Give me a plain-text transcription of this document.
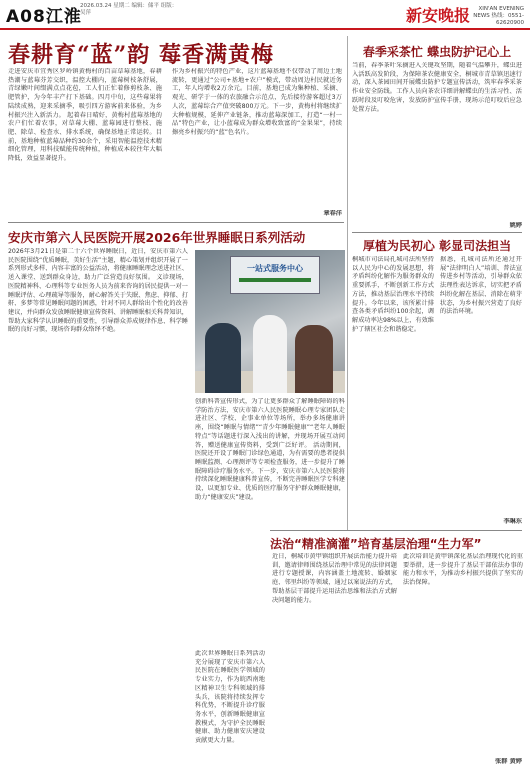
A08江淮
2026.03.24 星期二 编辑：储平 组版：吴萍	新安晚报	XIN'AN EVENING NEWS 热线：0551-62620900
春耕育“蓝”韵 莓香满黄梅
走进安庆市宜秀区罗岭镇黄梅村的百亩草莓基地，春耕热潮与蓝莓芬芳交织，温控大棚内，蓝莓树枝条舒展，青绿嫩叶间缀满点点花苞，工人们正忙着修剪枝条、施肥管护，为今年丰产打下基础。四月中旬，这些莓果将陆续成熟，迎来采摘季，吸引四方游客前来体验，为乡村振兴注入新活力。 起着春日晴好，黄梅村蓝莓基地的农户们忙着农事，对草莓大棚、蓝莓园进行整枝、施肥、除草、检查水、排水系统，确保基地正常运转。目前，基地种植蓝莓品种约30余个，采用智能温控技术精细化管理，用科技赋能传统种植，种植成本较往年大幅降低，效益显著提升。
作为乡村振兴的特色产业，这片蓝莓基地不仅带动了周边土地流转，更通过“公司+基地+农户”模式，带动周边村民就近务工，年人均增收2万余元。目前，基地已成为集种植、采摘、观光、研学于一体的农旅融合示范点，先后接待游客超过3万人次，蓝莓综合产值突破800万元。下一步，黄梅村将继续扩大种植规模，延伸产业链条，推动蓝莓深加工，打造“一村一品”特色产业，让小蓝莓成为群众增收致富的“金果果”，持续擦亮乡村振兴的“蓝”色名片。
章春洋
安庆市第六人民医院开展2026年世界睡眠日系列活动
2026年3月21日是第二十六个世界睡眠日，近日，安庆市第六人民医院围绕“优质睡眠，美好生活”主题，精心策划并组织开展了一系列形式多样、内容丰富的公益活动，将健康睡眠理念送进社区、送入课堂、送到群众身边，助力广泛营造良好氛围。 义诊现场，医院精神科、心理科等专业医务人员为前来咨询的居民提供一对一睡眠评估、心理疏导等服务，耐心解答关于失眠、焦虑、抑郁、打鼾、多梦等常见睡眠问题的困惑，针对不同人群给出个性化的改善建议，并向群众发放睡眠健康宣传资料、讲解睡眠相关科普知识，帮助大家科学认识睡眠的重要性，引导群众养成规律作息、科学睡眠的良好习惯，现场咨询群众络绎不绝。
一站式服务中心
创新科普宣传形式，为了让更多群众了解睡眠障碍的科学防治方法，安庆市第六人民医院睡眠心理专家团队走进社区、学校、企事业单位等场所，举办多场健康讲座，围绕“睡眠与情绪”“青少年睡眠健康”“老年人睡眠特点”等话题进行深入浅出的讲解，并现场开展互动问答，赠送健康宣传资料，受到广泛好评。 活动期间，医院还开设了睡眠门诊绿色通道，为有需要的患者提供睡眠监测、心理测评等专项检查服务，进一步提升了睡眠障碍诊疗服务水平。下一步，安庆市第六人民医院将持续深化睡眠健康科普宣传，不断完善睡眠医学专科建设，以更加专业、优质的医疗服务守护群众睡眠健康，助力“健康安庆”建设。
此次世界睡眠日系列活动充分展现了安庆市第六人民医院在睡眠医学领域的专业实力，作为皖西南地区精神卫生专科领域的排头兵，该院将持续发挥专科优势，不断提升诊疗服务水平，创新睡眠健康宣教模式，为守护全民睡眠健康、助力健康安庆建设贡献更大力量。
春季采茶忙 蝶虫防护记心上
当前，春季茶叶采摘进入关键攻坚期，随着气温攀升，蝶虫进入活跃高发阶段，为保障茶农健康安全，桐城市青草镇迅速行动，深入茶园田间开展蝶虫防护专题宣传活动，筑牢春季采茶作业安全防线。工作人员向茶农详细讲解蝶虫的生活习性、活跃时段及叮咬危害，发放防护宣传手册，现场示范叮咬后应急处置方法。
姚婷
厚植为民初心 彰显司法担当
桐城市司法局孔城司法所坚持以人民为中心的发展思想，将矛盾纠纷化解作为服务群众的重要抓手，不断创新工作方式方法，推动基层治理水平持续提升。今年以来，该所累计排查各类矛盾纠纷100余起，调解成功率达98%以上，有效维护了辖区社会和谐稳定。
据悉，孔城司法所还通过开展“法律明白人”培训、普法宣传进乡村等活动，引导群众依法理性表达诉求，切实把矛盾纠纷化解在基层、消除在萌芽状态，为乡村振兴营造了良好的法治环境。
李琳东
法治“精准滴灌”培育基层治理“生力军”
近日，桐城市黄甲镇组织开展法治能力提升培训，邀请律师围绕基层治理中常见的法律问题进行专题授课，内容涵盖土地流转、婚姻家庭、邻里纠纷等领域，通过以案说法的方式，帮助基层干部提升运用法治思维和法治方式解决问题的能力。
此次培训是黄甲镇深化基层治理现代化的重要举措，进一步提升了基层干部依法办事的能力和水平，为推动乡村振兴提供了坚实的法治保障。
张群 黄婷
